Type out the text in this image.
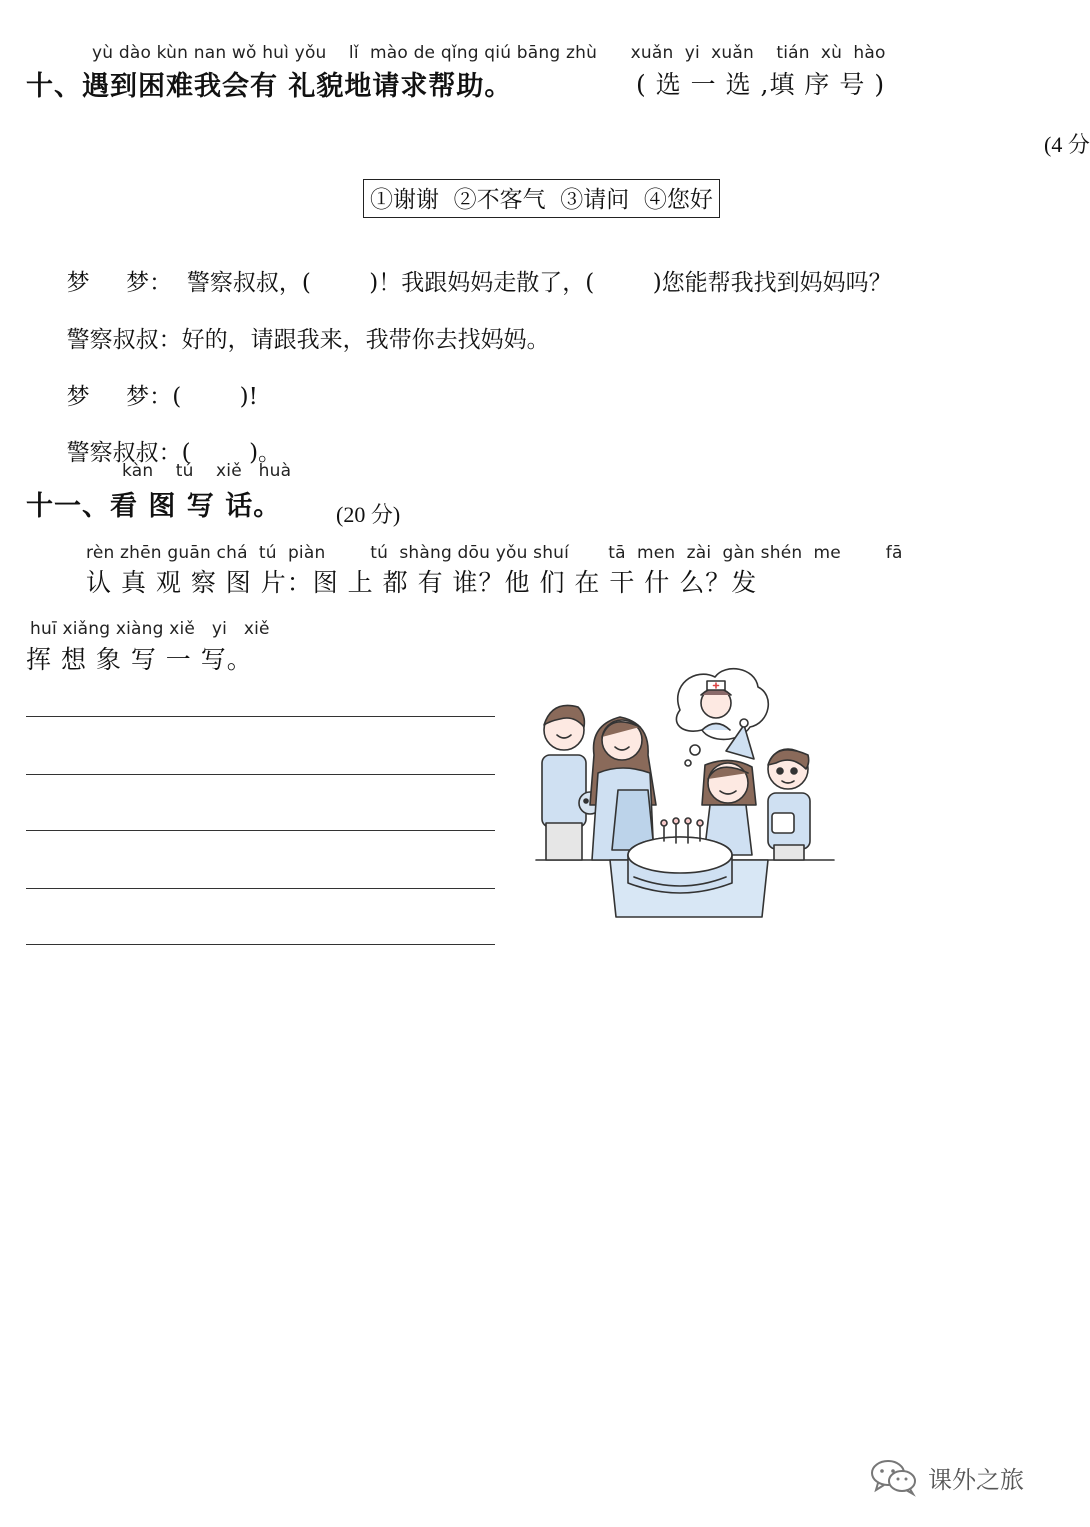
yù dào kùn nan wǒ huì yǒu    lǐ  mào de qǐng qiú bāng zhù      xuǎn  yi  xuǎn    tián  xù  hào
十、遇到困难我会有 礼貌地请求帮助。	( 选 一 选 ,填 序 号 )
(4 分
①谢谢  ②不客气  ③请问  ④您好

梦     梦： 警察叔叔，(        )！我跟妈妈走散了，(        )您能帮我找到妈妈吗？

警察叔叔：好的，请跟我来，我带你去找妈妈。

梦     梦：(        )!

警察叔叔：(        )。

kàn    tú    xiě   huà
十一、看 图 写 话。 (20 分)
rèn zhēn guān chá  tú  piàn        tú  shàng dōu yǒu shuí       tā  men  zài  gàn shén  me        fā
认 真 观 察 图 片：图 上 都 有 谁？他 们 在 干 什 么？发
huī xiǎng xiàng xiě   yi   xiě
挥 想 象 写 一 写。
课外之旅
